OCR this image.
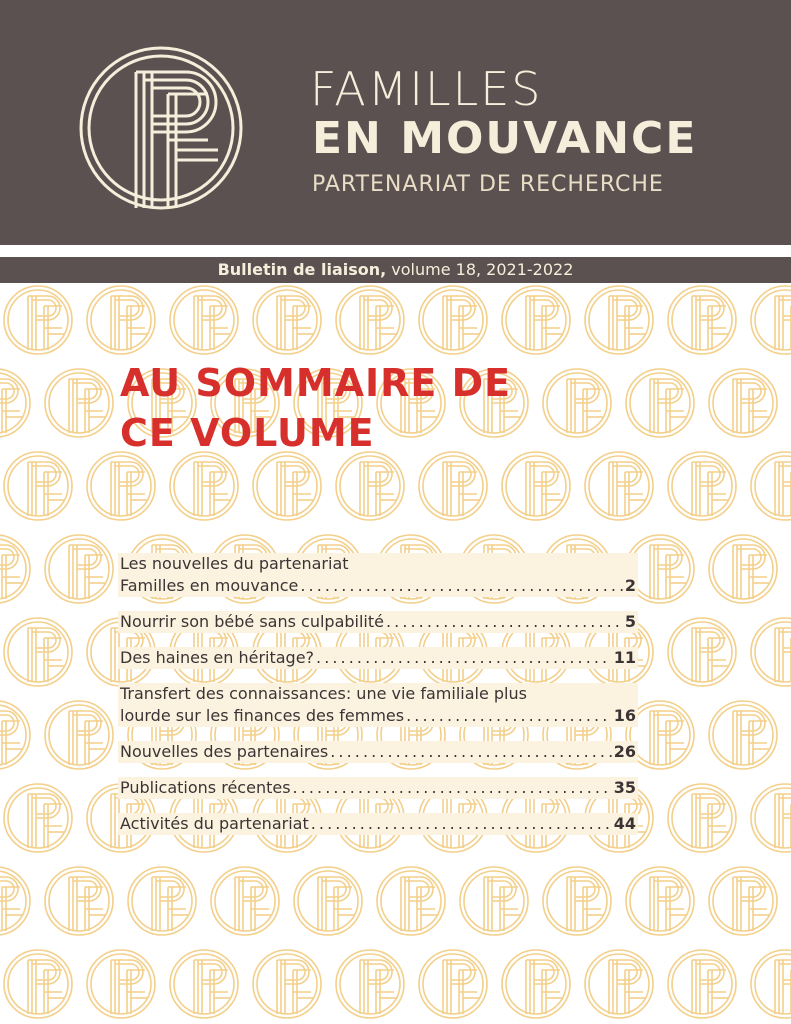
FAMILLES
EN MOUVANCE
PARTENARIAT DE RECHERCHE
Bulletin de liaison, volume 18, 2021-2022
AU SOMMAIRE DE
CE VOLUME
Les nouvelles du partenariat
Familles en mouvance . . .	2
Nourrir son bébé sans culpabilité . . .	5
Des haines en héritage? . . .	11
Transfert des connaissances: une vie familiale plus
lourde sur les finances des femmes . . .	16
Nouvelles des partenaires . . .	26
Publications récentes . . .	35
Activités du partenariat . . .	44
